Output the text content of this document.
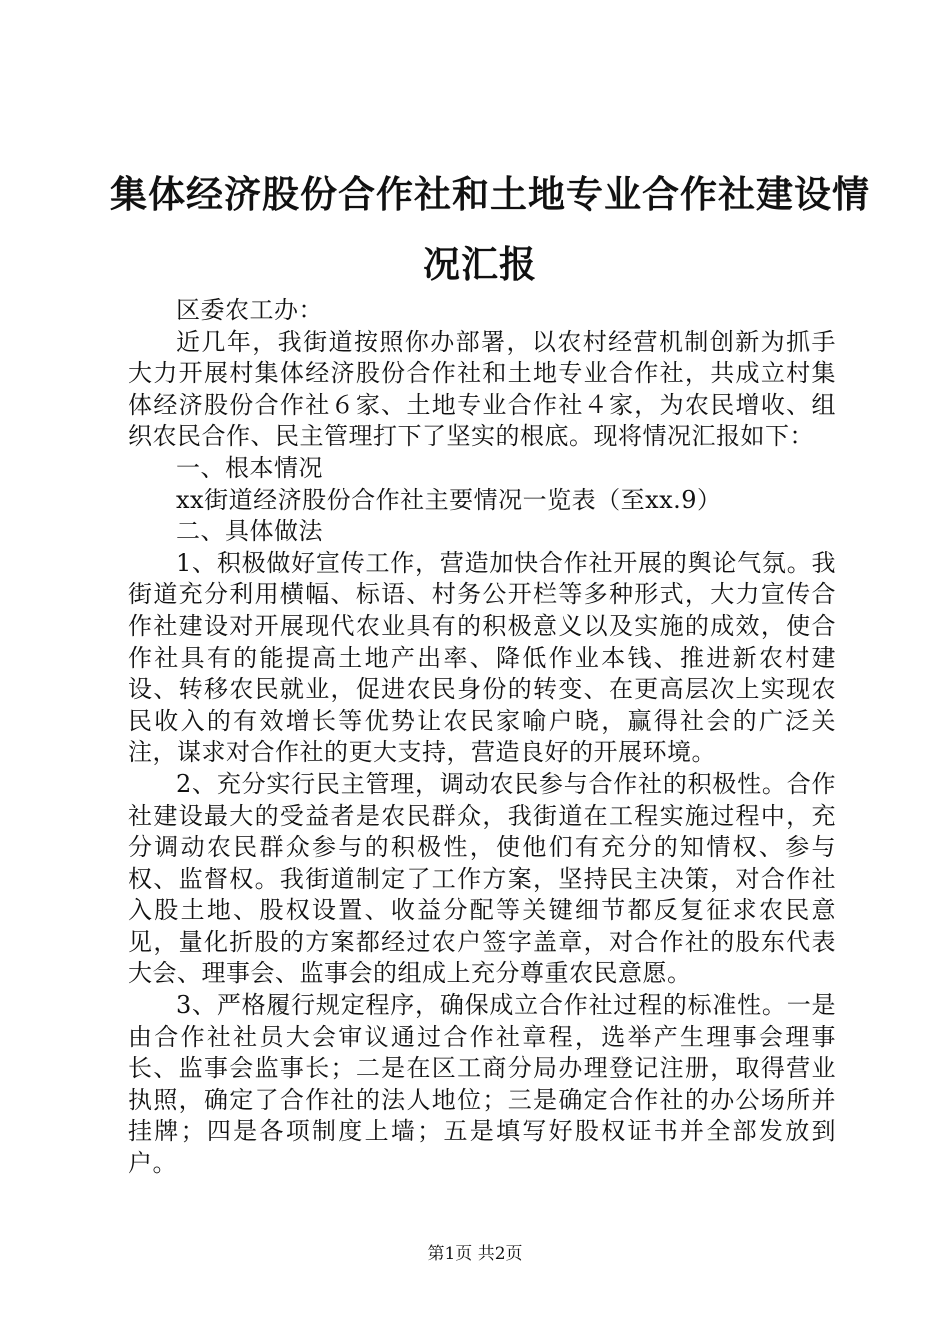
集体经济股份合作社和土地专业合作社建设情
况汇报

区委农工办：

近几年，我街道按照你办部署，以农村经营机制创新为抓手大力开展村集体经济股份合作社和土地专业合作社，共成立村集体经济股份合作社６家、土地专业合作社４家，为农民增收、组织农民合作、民主管理打下了坚实的根底。现将情况汇报如下：

一、根本情况

xx街道经济股份合作社主要情况一览表（至xx.9）

二、具体做法

1、积极做好宣传工作，营造加快合作社开展的舆论气氛。我街道充分利用横幅、标语、村务公开栏等多种形式，大力宣传合作社建设对开展现代农业具有的积极意义以及实施的成效，使合作社具有的能提高土地产出率、降低作业本钱、推进新农村建设、转移农民就业，促进农民身份的转变、在更高层次上实现农民收入的有效增长等优势让农民家喻户晓，赢得社会的广泛关注，谋求对合作社的更大支持，营造良好的开展环境。

2、充分实行民主管理，调动农民参与合作社的积极性。合作社建设最大的受益者是农民群众，我街道在工程实施过程中，充分调动农民群众参与的积极性，使他们有充分的知情权、参与权、监督权。我街道制定了工作方案，坚持民主决策，对合作社入股土地、股权设置、收益分配等关键细节都反复征求农民意见，量化折股的方案都经过农户签字盖章，对合作社的股东代表大会、理事会、监事会的组成上充分尊重农民意愿。

3、严格履行规定程序，确保成立合作社过程的标准性。一是由合作社社员大会审议通过合作社章程，选举产生理事会理事长、监事会监事长；二是在区工商分局办理登记注册，取得营业执照，确定了合作社的法人地位；三是确定合作社的办公场所并挂牌；四是各项制度上墙；五是填写好股权证书并全部发放到户。

第1页 共2页
